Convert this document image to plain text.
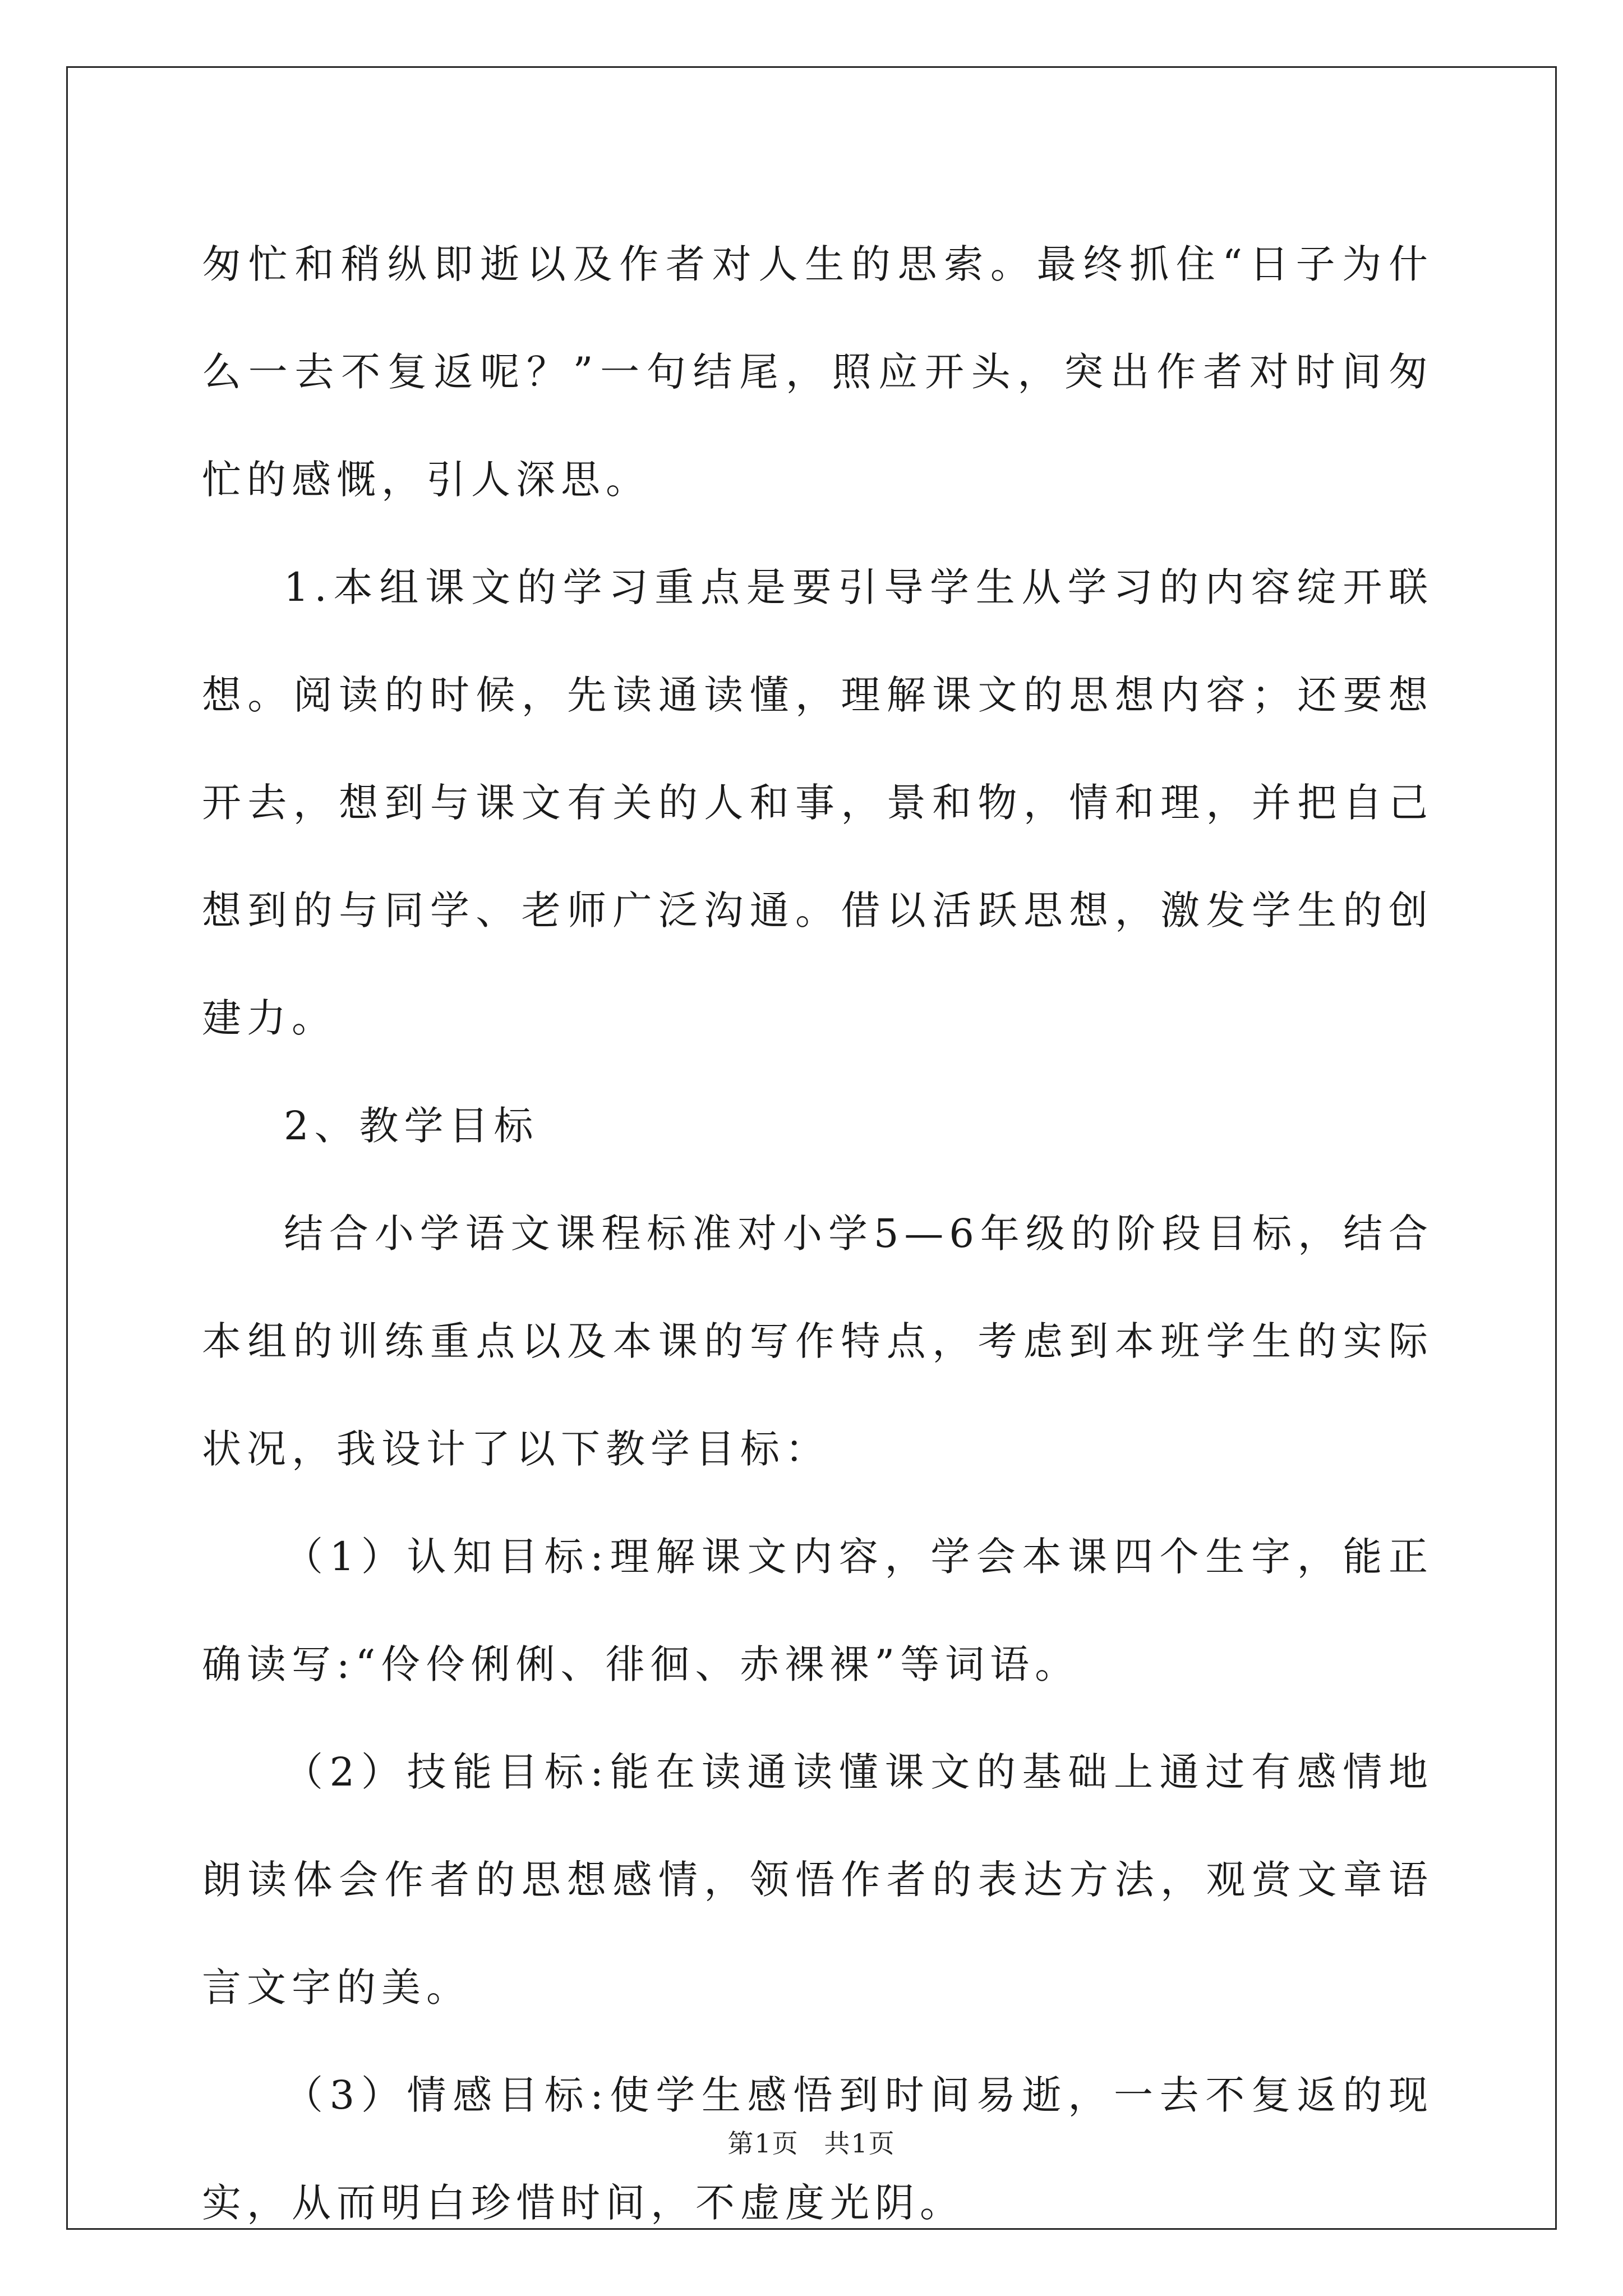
匆忙和稍纵即逝以及作者对人生的思索。最终抓住“日子为什么一去不复返呢？”一句结尾，照应开头，突出作者对时间匆忙的感慨，引人深思。

1.本组课文的学习重点是要引导学生从学习的内容绽开联想。阅读的时候，先读通读懂，理解课文的思想内容；还要想开去，想到与课文有关的人和事，景和物，情和理，并把自己想到的与同学、老师广泛沟通。借以活跃思想，激发学生的创建力。

2、教学目标

结合小学语文课程标准对小学5—6年级的阶段目标，结合本组的训练重点以及本课的写作特点，考虑到本班学生的实际状况，我设计了以下教学目标：

（1）认知目标:理解课文内容，学会本课四个生字，能正确读写:“伶伶俐俐、徘徊、赤裸裸”等词语。

（2）技能目标:能在读通读懂课文的基础上通过有感情地朗读体会作者的思想感情，领悟作者的表达方法，观赏文章语言文字的美。

（3）情感目标:使学生感悟到时间易逝，一去不复返的现实，从而明白珍惜时间，不虚度光阴。

第1页 共1页
